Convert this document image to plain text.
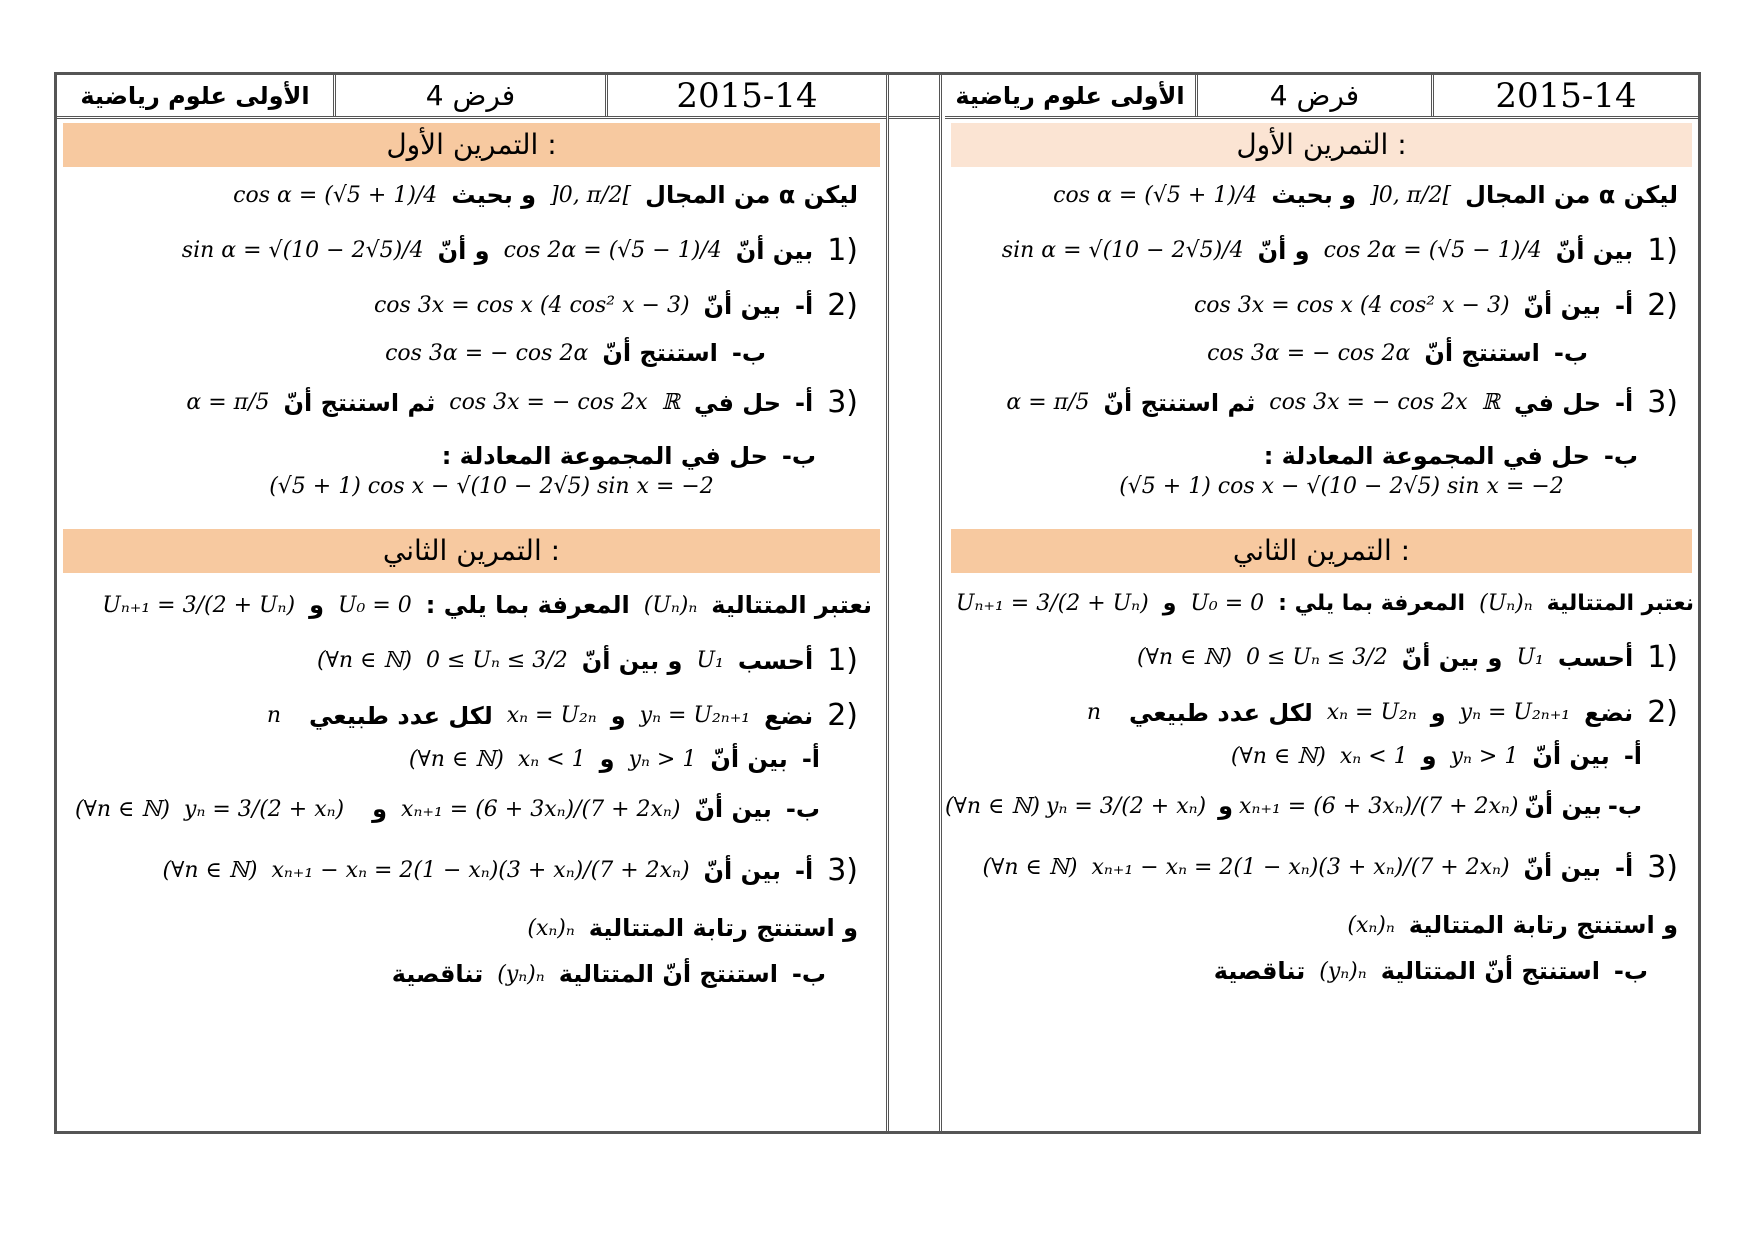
الأولى علوم رياضية	فرض 4	2015-14
التمرين الأول :
cos α = (√5 + 1)/4 و بحيث ]0, π/2[ ليكن α من المجال
sin α = √(10 − 2√5)/4 و أنّ cos 2α = (√5 − 1)/4 بين أنّ 1)
cos 3x = cos x (4 cos² x − 3) بين أنّ أ- 2)
cos 3α = − cos 2α استنتج أنّ ب-
α = π/5 ثم استنتج أنّ cos 3x = − cos 2x ℝ حل في أ- 3)
حل في المجموعة المعادلة : ب-
(√5 + 1) cos x − √(10 − 2√5) sin x = −2
التمرين الثاني :
Uₙ₊₁ = 3/(2 + Uₙ) و U₀ = 0 المعرفة بما يلي : (Uₙ)ₙ نعتبر المتتالية
(∀n ∈ ℕ) 0 ≤ Uₙ ≤ 3/2 و بين أنّ U₁ أحسب 1)
n لكل عدد طبيعي xₙ = U₂ₙ و yₙ = U₂ₙ₊₁ نضع 2)
(∀n ∈ ℕ) xₙ < 1 و yₙ > 1 بين أنّ أ-
(∀n ∈ ℕ) yₙ = 3/(2 + xₙ) و xₙ₊₁ = (6 + 3xₙ)/(7 + 2xₙ) بين أنّ ب-
(∀n ∈ ℕ) xₙ₊₁ − xₙ = 2(1 − xₙ)(3 + xₙ)/(7 + 2xₙ) بين أنّ أ- 3)
(xₙ)ₙ و استنتج رتابة المتتالية
تناقصية (yₙ)ₙ استنتج أنّ المتتالية ب-
الأولى علوم رياضية	فرض 4	2015-14
التمرين الأول :
cos α = (√5 + 1)/4 و بحيث ]0, π/2[ ليكن α من المجال
sin α = √(10 − 2√5)/4 و أنّ cos 2α = (√5 − 1)/4 بين أنّ 1)
cos 3x = cos x (4 cos² x − 3) بين أنّ أ- 2)
cos 3α = − cos 2α استنتج أنّ ب-
α = π/5 ثم استنتج أنّ cos 3x = − cos 2x ℝ حل في أ- 3)
حل في المجموعة المعادلة : ب-
(√5 + 1) cos x − √(10 − 2√5) sin x = −2
التمرين الثاني :
Uₙ₊₁ = 3/(2 + Uₙ) و U₀ = 0 المعرفة بما يلي : (Uₙ)ₙ نعتبر المتتالية
(∀n ∈ ℕ) 0 ≤ Uₙ ≤ 3/2 و بين أنّ U₁ أحسب 1)
n لكل عدد طبيعي xₙ = U₂ₙ و yₙ = U₂ₙ₊₁ نضع 2)
(∀n ∈ ℕ) xₙ < 1 و yₙ > 1 بين أنّ أ-
(∀n ∈ ℕ) yₙ = 3/(2 + xₙ) و xₙ₊₁ = (6 + 3xₙ)/(7 + 2xₙ) بين أنّ ب-
(∀n ∈ ℕ) xₙ₊₁ − xₙ = 2(1 − xₙ)(3 + xₙ)/(7 + 2xₙ) بين أنّ أ- 3)
(xₙ)ₙ و استنتج رتابة المتتالية
تناقصية (yₙ)ₙ استنتج أنّ المتتالية ب-
